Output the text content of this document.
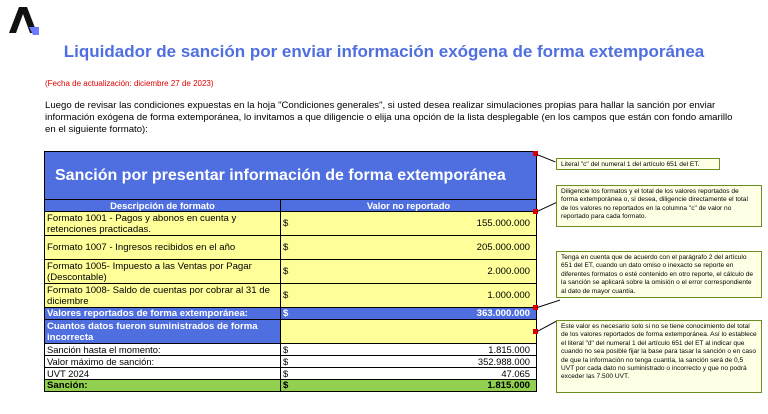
Liquidador de sanción por enviar información exógena de forma extemporánea
(Fecha de actualización: diciembre 27 de 2023)
Luego de revisar las condiciones expuestas en la hoja "Condiciones generales", si usted desea realizar simulaciones propias para hallar la sanción por enviar información exógena de forma extemporánea, lo invitamos a que diligencie o elija una opción de la lista desplegable (en los campos que están con fondo amarillo en el siguiente formato):
Sanción por presentar información de forma extemporánea		
Descripción de formato	Valor no reportado	
Formato 1001 - Pagos y abonos en cuenta y retenciones practicadas.	$	155.000.000
Formato 1007 - Ingresos recibidos en el año	$	205.000.000
Formato 1005- Impuesto a las Ventas por Pagar (Descontable)	$	2.000.000
Formato 1008- Saldo de cuentas por cobrar al 31 de diciembre	$	1.000.000
Valores reportados de forma extemporánea:	$	363.000.000
Cuantos datos fueron suministrados de forma incorrecta		
Sanción hasta el momento:	$	1.815.000
Valor máximo de sanción:	$	352.988.000
UVT 2024	$	47.065
Sanción:	$	1.815.000
Literal "c" del numeral 1 del artículo 651 del ET.
Diligencie los formatos y el total de los valores reportados de forma extemporánea o, si desea, diligencie directamente el total de los valores no reportados en la columna "c" de valor no reportado para cada formato.
Tenga en cuenta que de acuerdo con el parágrafo 2 del artículo 651 del ET, cuando un dato omiso o inexacto se reporte en diferentes formatos o esté contenido en otro reporte, el cálculo de la sanción se aplicará sobre la omisión o el error correspondiente al dato de mayor cuantía.
Este valor es necesario solo si no se tiene conocimiento del total de los valores reportados de forma extemporánea. Así lo establece el literal "d" del numeral 1 del artículo 651 del ET al indicar que cuando no sea posible fijar la base para tasar la sanción o en caso de que la información no tenga cuantía, la sanción será de 0,5 UVT por cada dato no suministrado o incorrecto y que no podrá exceder las 7.500 UVT.
